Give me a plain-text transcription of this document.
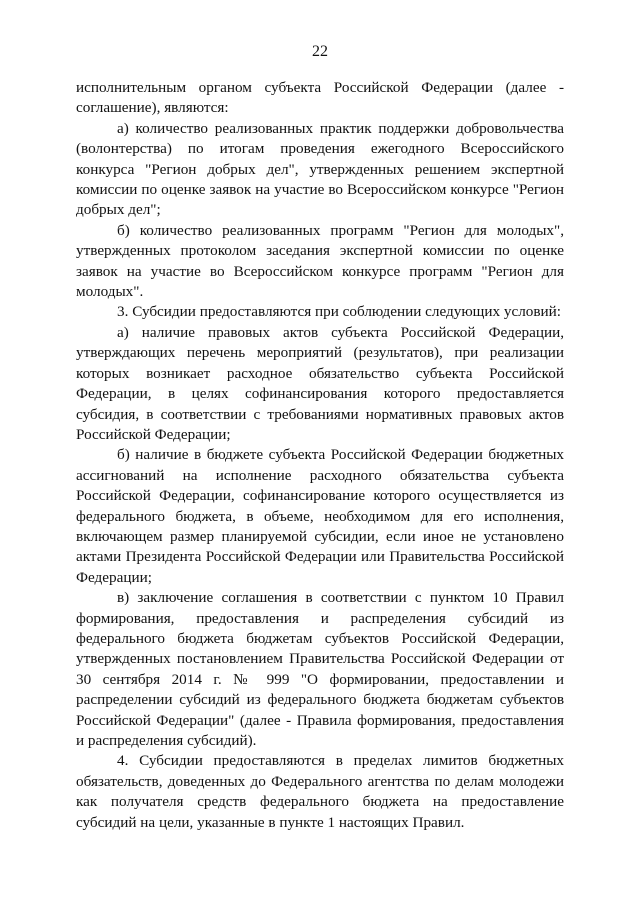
22

исполнительным органом субъекта Российской Федерации (далее - соглашение), являются:

а) количество реализованных практик поддержки добровольчества (волонтерства) по итогам проведения ежегодного Всероссийского конкурса "Регион добрых дел", утвержденных решением экспертной комиссии по оценке заявок на участие во Всероссийском конкурсе "Регион добрых дел";

б) количество реализованных программ "Регион для молодых", утвержденных протоколом заседания экспертной комиссии по оценке заявок на участие во Всероссийском конкурсе программ "Регион для молодых".

3. Субсидии предоставляются при соблюдении следующих условий:

а) наличие правовых актов субъекта Российской Федерации, утверждающих перечень мероприятий (результатов), при реализации которых возникает расходное обязательство субъекта Российской Федерации, в целях софинансирования которого предоставляется субсидия, в соответствии с требованиями нормативных правовых актов Российской Федерации;

б) наличие в бюджете субъекта Российской Федерации бюджетных ассигнований на исполнение расходного обязательства субъекта Российской Федерации, софинансирование которого осуществляется из федерального бюджета, в объеме, необходимом для его исполнения, включающем размер планируемой субсидии, если иное не установлено актами Президента Российской Федерации или Правительства Российской Федерации;

в) заключение соглашения в соответствии с пунктом 10 Правил формирования, предоставления и распределения субсидий из федерального бюджета бюджетам субъектов Российской Федерации, утвержденных постановлением Правительства Российской Федерации от 30 сентября 2014 г. № 999 "О формировании, предоставлении и распределении субсидий из федерального бюджета бюджетам субъектов Российской Федерации" (далее - Правила формирования, предоставления и распределения субсидий).

4. Субсидии предоставляются в пределах лимитов бюджетных обязательств, доведенных до Федерального агентства по делам молодежи как получателя средств федерального бюджета на предоставление субсидий на цели, указанные в пункте 1 настоящих Правил.
